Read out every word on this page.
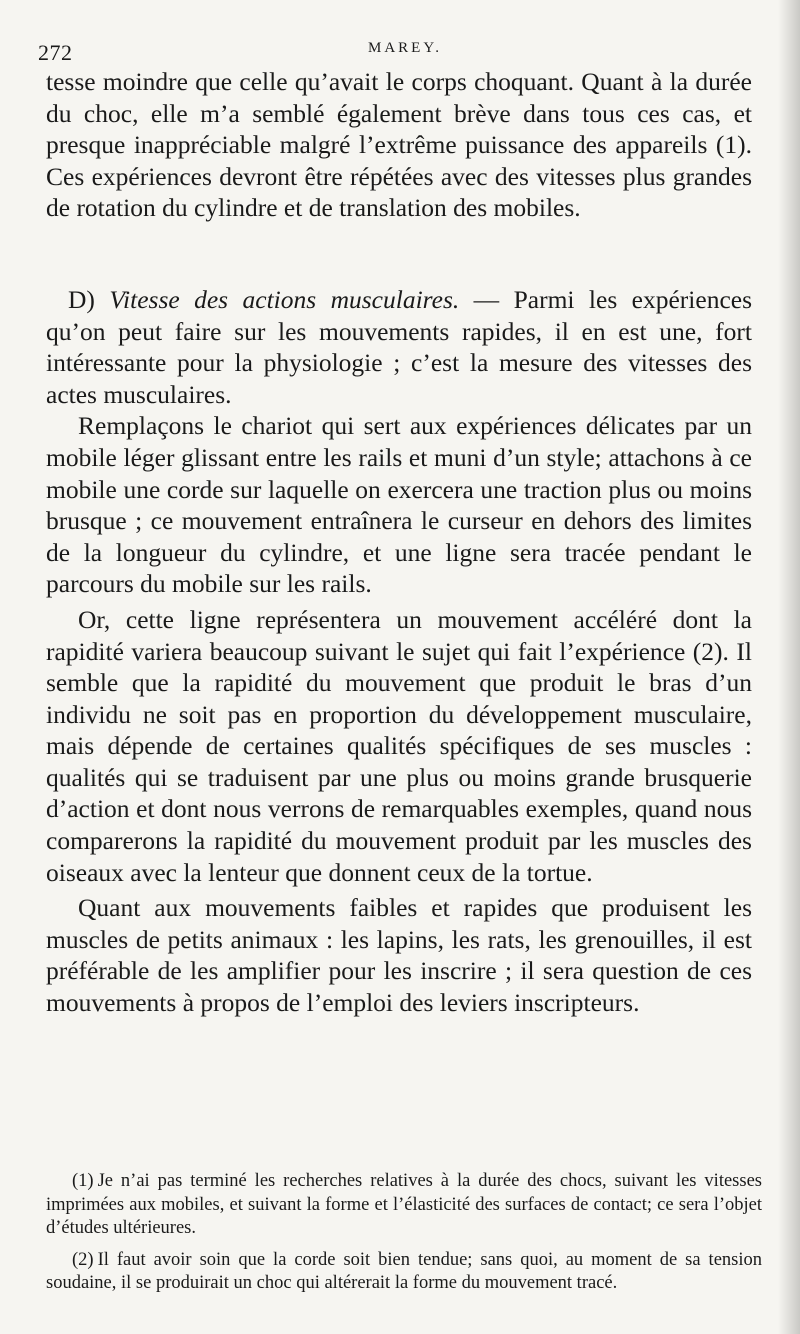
272	MAREY.

tesse moindre que celle qu’avait le corps choquant. Quant à la durée du choc, elle m’a semblé également brève dans tous ces cas, et presque inappréciable malgré l’extrême puissance des appareils (1). Ces expériences devront être répétées avec des vitesses plus grandes de rotation du cylindre et de translation des mobiles.

D) Vitesse des actions musculaires. — Parmi les expériences qu’on peut faire sur les mouvements rapides, il en est une, fort intéressante pour la physiologie ; c’est la mesure des vitesses des actes musculaires.

Remplaçons le chariot qui sert aux expériences délicates par un mobile léger glissant entre les rails et muni d’un style; attachons à ce mobile une corde sur laquelle on exercera une traction plus ou moins brusque ; ce mouvement entraînera le curseur en dehors des limites de la longueur du cylindre, et une ligne sera tracée pendant le parcours du mobile sur les rails.

Or, cette ligne représentera un mouvement accéléré dont la rapidité variera beaucoup suivant le sujet qui fait l’expérience (2). Il semble que la rapidité du mouvement que produit le bras d’un individu ne soit pas en proportion du développement musculaire, mais dépende de certaines qualités spécifiques de ses muscles : qualités qui se traduisent par une plus ou moins grande brusquerie d’action et dont nous verrons de remarquables exemples, quand nous comparerons la rapidité du mouvement produit par les muscles des oiseaux avec la lenteur que donnent ceux de la tortue.

Quant aux mouvements faibles et rapides que produisent les muscles de petits animaux : les lapins, les rats, les grenouilles, il est préférable de les amplifier pour les inscrire ; il sera question de ces mouvements à propos de l’emploi des leviers inscripteurs.

(1) Je n’ai pas terminé les recherches relatives à la durée des chocs, suivant les vitesses imprimées aux mobiles, et suivant la forme et l’élasticité des surfaces de contact; ce sera l’objet d’études ultérieures.

(2) Il faut avoir soin que la corde soit bien tendue; sans quoi, au moment de sa tension soudaine, il se produirait un choc qui altérerait la forme du mouvement tracé.
